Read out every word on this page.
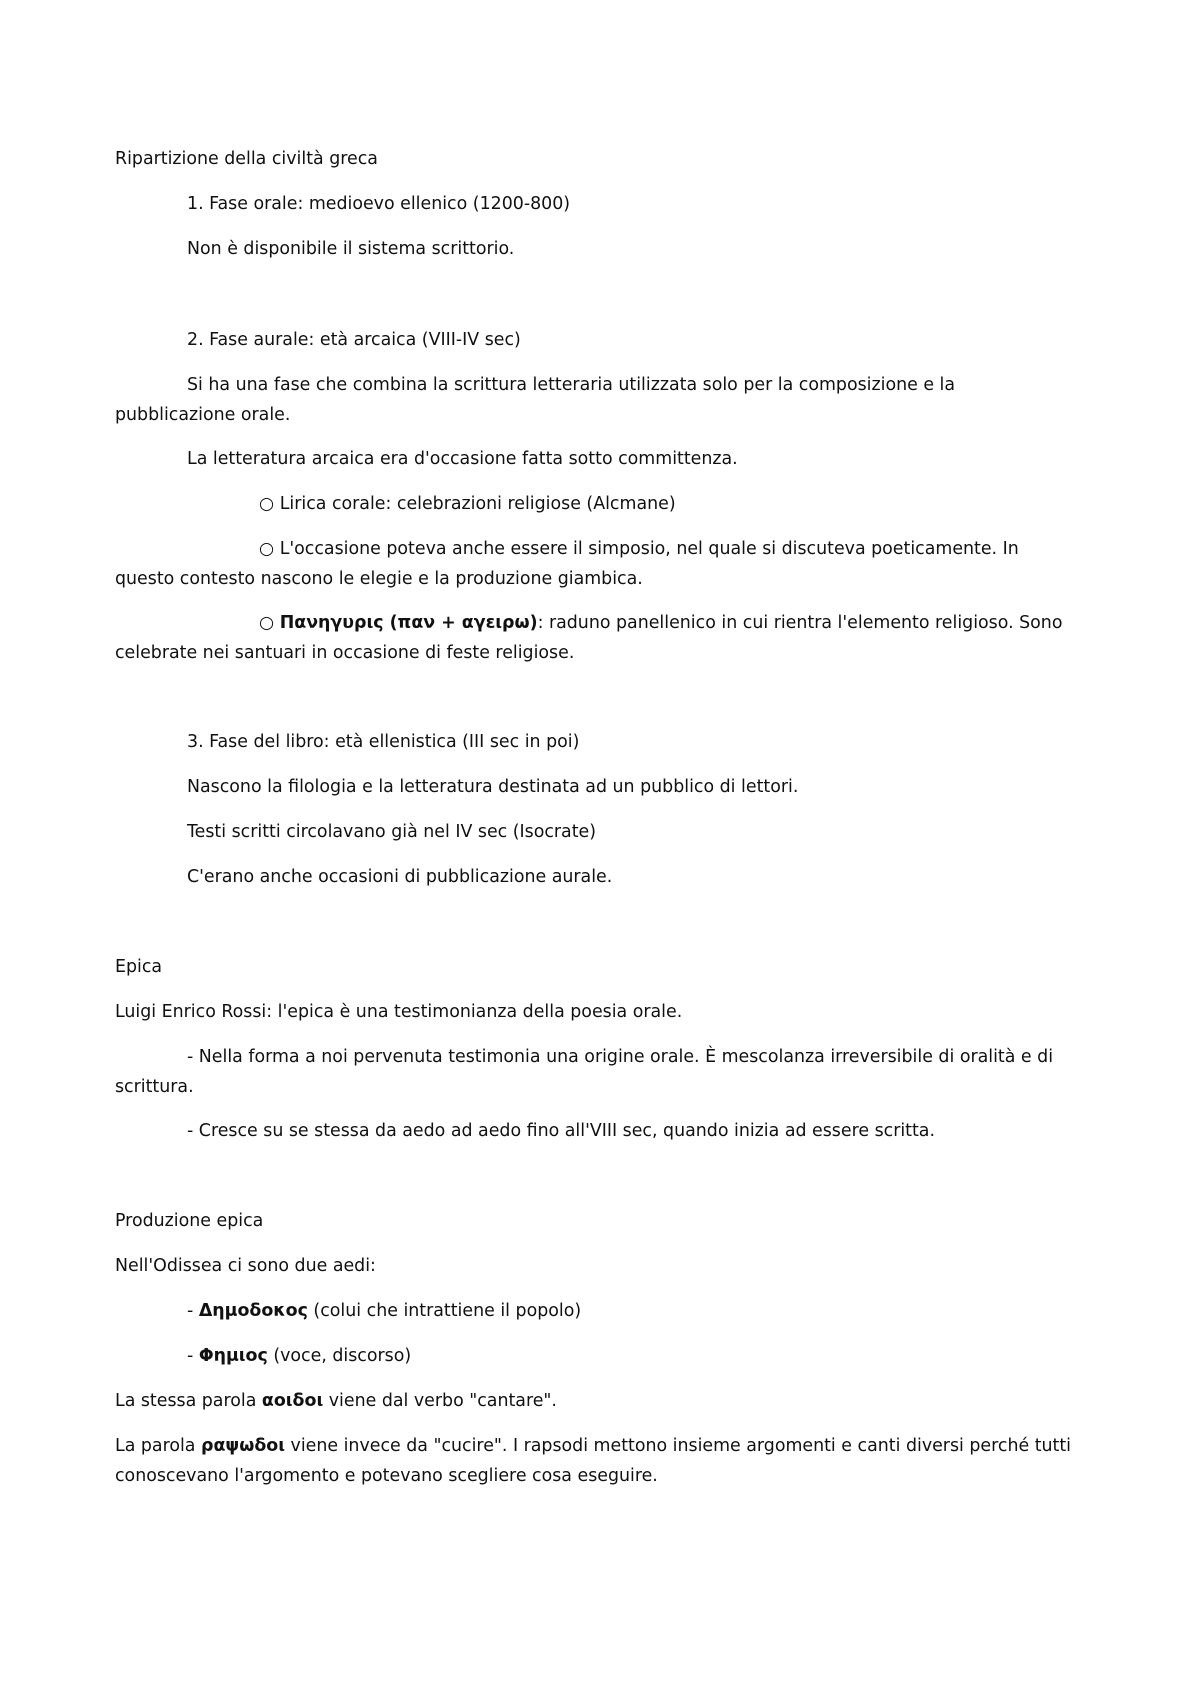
Ripartizione della civiltà greca

1. Fase orale: medioevo ellenico (1200-800)

Non è disponibile il sistema scrittorio.

2. Fase aurale: età arcaica (VIII-IV sec)

Si ha una fase che combina la scrittura letteraria utilizzata solo per la composizione e la pubblicazione orale.

La letteratura arcaica era d'occasione fatta sotto committenza.

○ Lirica corale: celebrazioni religiose (Alcmane)

○ L'occasione poteva anche essere il simposio, nel quale si discuteva poeticamente. In questo contesto nascono le elegie e la produzione giambica.

○ Πανηγυρις (παν + αγειρω): raduno panellenico in cui rientra l'elemento religioso. Sono celebrate nei santuari in occasione di feste religiose.

3. Fase del libro: età ellenistica (III sec in poi)

Nascono la filologia e la letteratura destinata ad un pubblico di lettori.

Testi scritti circolavano già nel IV sec (Isocrate)

C'erano anche occasioni di pubblicazione aurale.

Epica

Luigi Enrico Rossi: l'epica è una testimonianza della poesia orale.

- Nella forma a noi pervenuta testimonia una origine orale. È mescolanza irreversibile di oralità e di scrittura.

- Cresce su se stessa da aedo ad aedo fino all'VIII sec, quando inizia ad essere scritta.

Produzione epica

Nell'Odissea ci sono due aedi:

- Δημοδοκος (colui che intrattiene il popolo)

- Φημιος (voce, discorso)

La stessa parola αοιδοι viene dal verbo "cantare".

La parola ραψωδοι viene invece da "cucire". I rapsodi mettono insieme argomenti e canti diversi perché tutti conoscevano l'argomento e potevano scegliere cosa eseguire.
